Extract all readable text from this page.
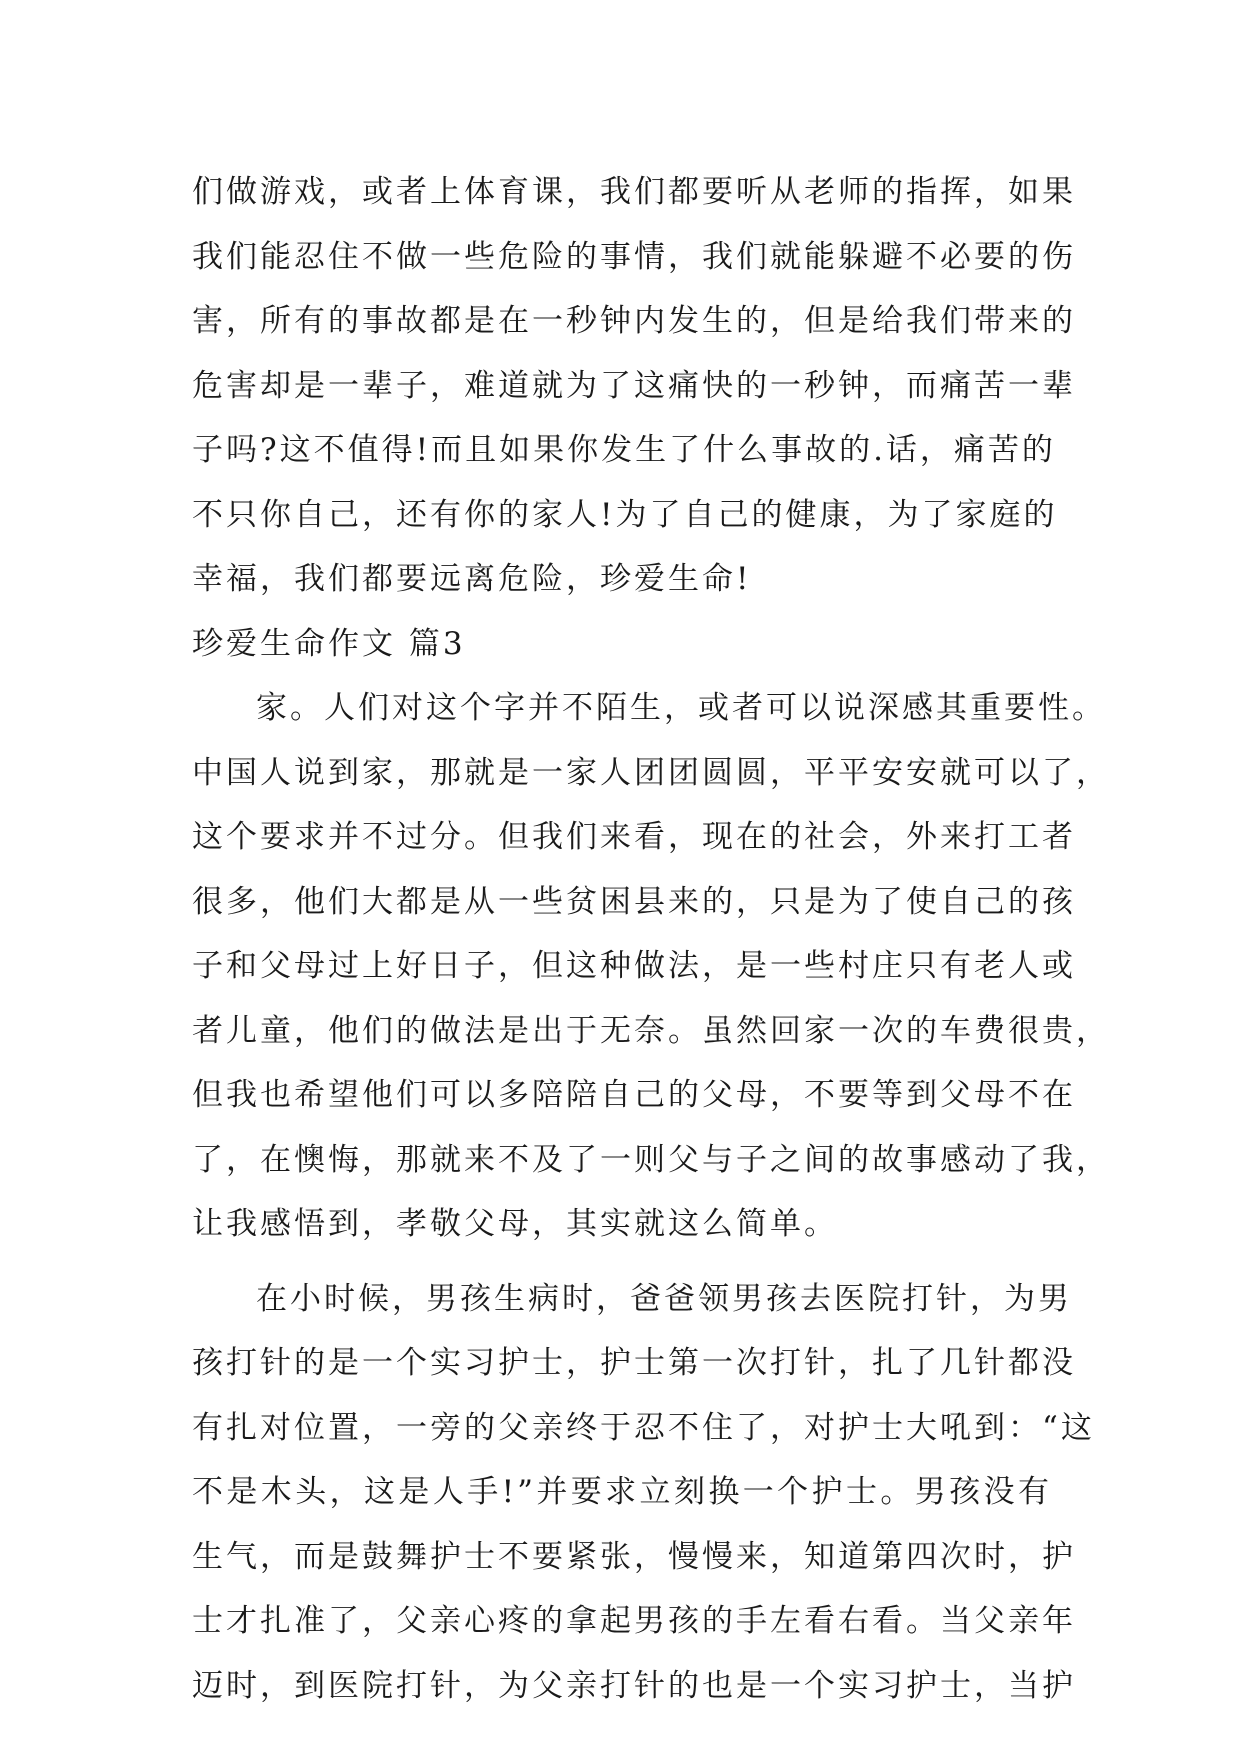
们做游戏，或者上体育课，我们都要听从老师的指挥，如果
我们能忍住不做一些危险的事情，我们就能躲避不必要的伤
害，所有的事故都是在一秒钟内发生的，但是给我们带来的
危害却是一辈子，难道就为了这痛快的一秒钟，而痛苦一辈
子吗?这不值得!而且如果你发生了什么事故的.话，痛苦的
不只你自己，还有你的家人!为了自己的健康，为了家庭的
幸福，我们都要远离危险，珍爱生命!
珍爱生命作文 篇3
家。人们对这个字并不陌生，或者可以说深感其重要性。
中国人说到家，那就是一家人团团圆圆，平平安安就可以了，
这个要求并不过分。但我们来看，现在的社会，外来打工者
很多，他们大都是从一些贫困县来的，只是为了使自己的孩
子和父母过上好日子，但这种做法，是一些村庄只有老人或
者儿童，他们的做法是出于无奈。虽然回家一次的车费很贵，
但我也希望他们可以多陪陪自己的父母，不要等到父母不在
了，在懊悔，那就来不及了一则父与子之间的故事感动了我，
让我感悟到，孝敬父母，其实就这么简单。
在小时候，男孩生病时，爸爸领男孩去医院打针，为男
孩打针的是一个实习护士，护士第一次打针，扎了几针都没
有扎对位置，一旁的父亲终于忍不住了，对护士大吼到：“这
不是木头，这是人手!”并要求立刻换一个护士。男孩没有
生气，而是鼓舞护士不要紧张，慢慢来，知道第四次时，护
士才扎准了，父亲心疼的拿起男孩的手左看右看。当父亲年
迈时，到医院打针，为父亲打针的也是一个实习护士，当护
